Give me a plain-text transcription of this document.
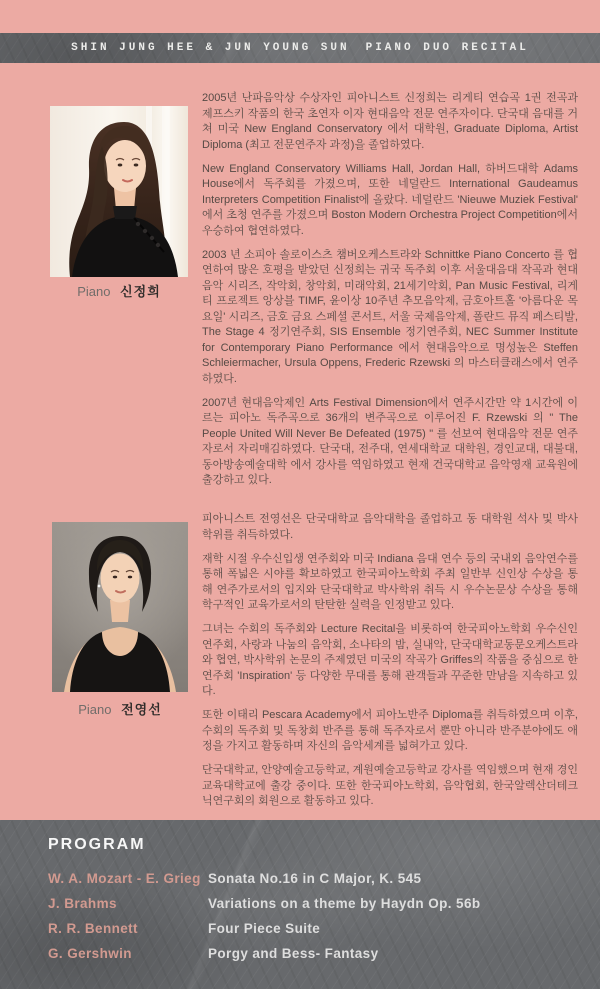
SHIN JUNG HEE & JUN YOUNG SUN PIANO DUO RECITAL
Piano 신정희

2005년 난파음악상 수상자인 피아니스트 신정희는 리게티 연습곡 1권 전곡과 제프스키 작품의 한국 초연자 이자 현대음악 전문 연주자이다. 단국대 음대를 거쳐 미국 New England Conservatory 에서 대학원, Graduate Diploma, Artist Diploma (최고 전문연주자 과정)을 졸업하였다.

New England Conservatory Williams Hall, Jordan Hall, 하버드대학 Adams House에서 독주회를 가졌으며, 또한 네덜란드 International Gaudeamus Interpreters Competition Finalist에 올랐다. 네덜란드 'Nieuwe Muziek Festival' 에서 초청 연주를 가졌으며 Boston Modern Orchestra Project Competition에서 우승하여 협연하였다.

2003 년 소피아 솔로이스츠 챔버오케스트라와 Schnittke Piano Concerto 를 협연하여 많은 호평을 받았던 신정희는 귀국 독주회 이후 서울대음대 작곡과 현대음악 시리즈, 작악회, 창악회, 미래악회, 21세기악회, Pan Music Festival, 리게티 프로젝트 앙상블 TIMF, 윤이상 10주년 추모음악제, 금호아트홀 '아름다운 목요일' 시리즈, 금호 금요 스페셜 콘서트, 서울 국제음악제, 폴란드 뮤직 페스티발, The Stage 4 정기연주회, SIS Ensemble 정기연주회, NEC Summer Institute for Contemporary Piano Performance 에서 현대음악으로 명성높은 Steffen Schleiermacher, Ursula Oppens, Frederic Rzewski 의 마스터클래스에서 연주하였다.

2007년 현대음악제인 Arts Festival Dimension에서 연주시간만 약 1시간에 이르는 피아노 독주곡으로 36개의 변주곡으로 이루어진 F. Rzewski 의 " The People United Will Never Be Defeated (1975) " 를 선보여 현대음악 전문 연주자로서 자리매김하였다. 단국대, 전주대, 연세대학교 대학원, 경인교대, 대불대, 동아방송예술대학 에서 강사를 역임하였고 현재 건국대학교 음악영재 교육원에 출강하고 있다.

Piano 전영선

피아니스트 전영선은 단국대학교 음악대학을 졸업하고 동 대학원 석사 및 박사학위를 취득하였다.

재학 시절 우수신입생 연주회와 미국 Indiana 음대 연수 등의 국내외 음악연수를 통해 폭넓은 시야를 확보하였고 한국피아노학회 주최 일반부 신인상 수상을 통해 연주가로서의 입지와 단국대학교 박사학위 취득 시 우수논문상 수상을 통해 학구적인 교육가로서의 탄탄한 실력을 인정받고 있다.

그녀는 수회의 독주회와 Lecture Recital을 비롯하여 한국피아노학회 우수신인연주회, 사랑과 나눔의 음악회, 소나타의 밤, 실내악, 단국대학교동문오케스트라와 협연, 박사학위 논문의 주제였던 미국의 작곡가 Griffes의 작품을 중심으로 한 연주회 'Inspiration' 등 다양한 무대를 통해 관객들과 꾸준한 만남을 지속하고 있다.

또한 이태리 Pescara Academy에서 피아노반주 Diploma를 취득하였으며 이후, 수회의 독주회 및 독창회 반주를 통해 독주자로서 뿐만 아니라 반주분야에도 애정을 가지고 활동하며 자신의 음악세계를 넓혀가고 있다.

단국대학교, 안양예술고등학교, 계원예술고등학교 강사를 역임했으며 현재 경인교육대학교에 출강 중이다. 또한 한국피아노학회, 음악협회, 한국알렉산더테크닉연구회의 회원으로 활동하고 있다.

PROGRAM
W. A. Mozart - E. Grieg Sonata No.16 in C Major, K. 545
J. Brahms	Variations on a theme by Haydn Op. 56b
R. R. Bennett	Four Piece Suite
G. Gershwin	Porgy and Bess- Fantasy
